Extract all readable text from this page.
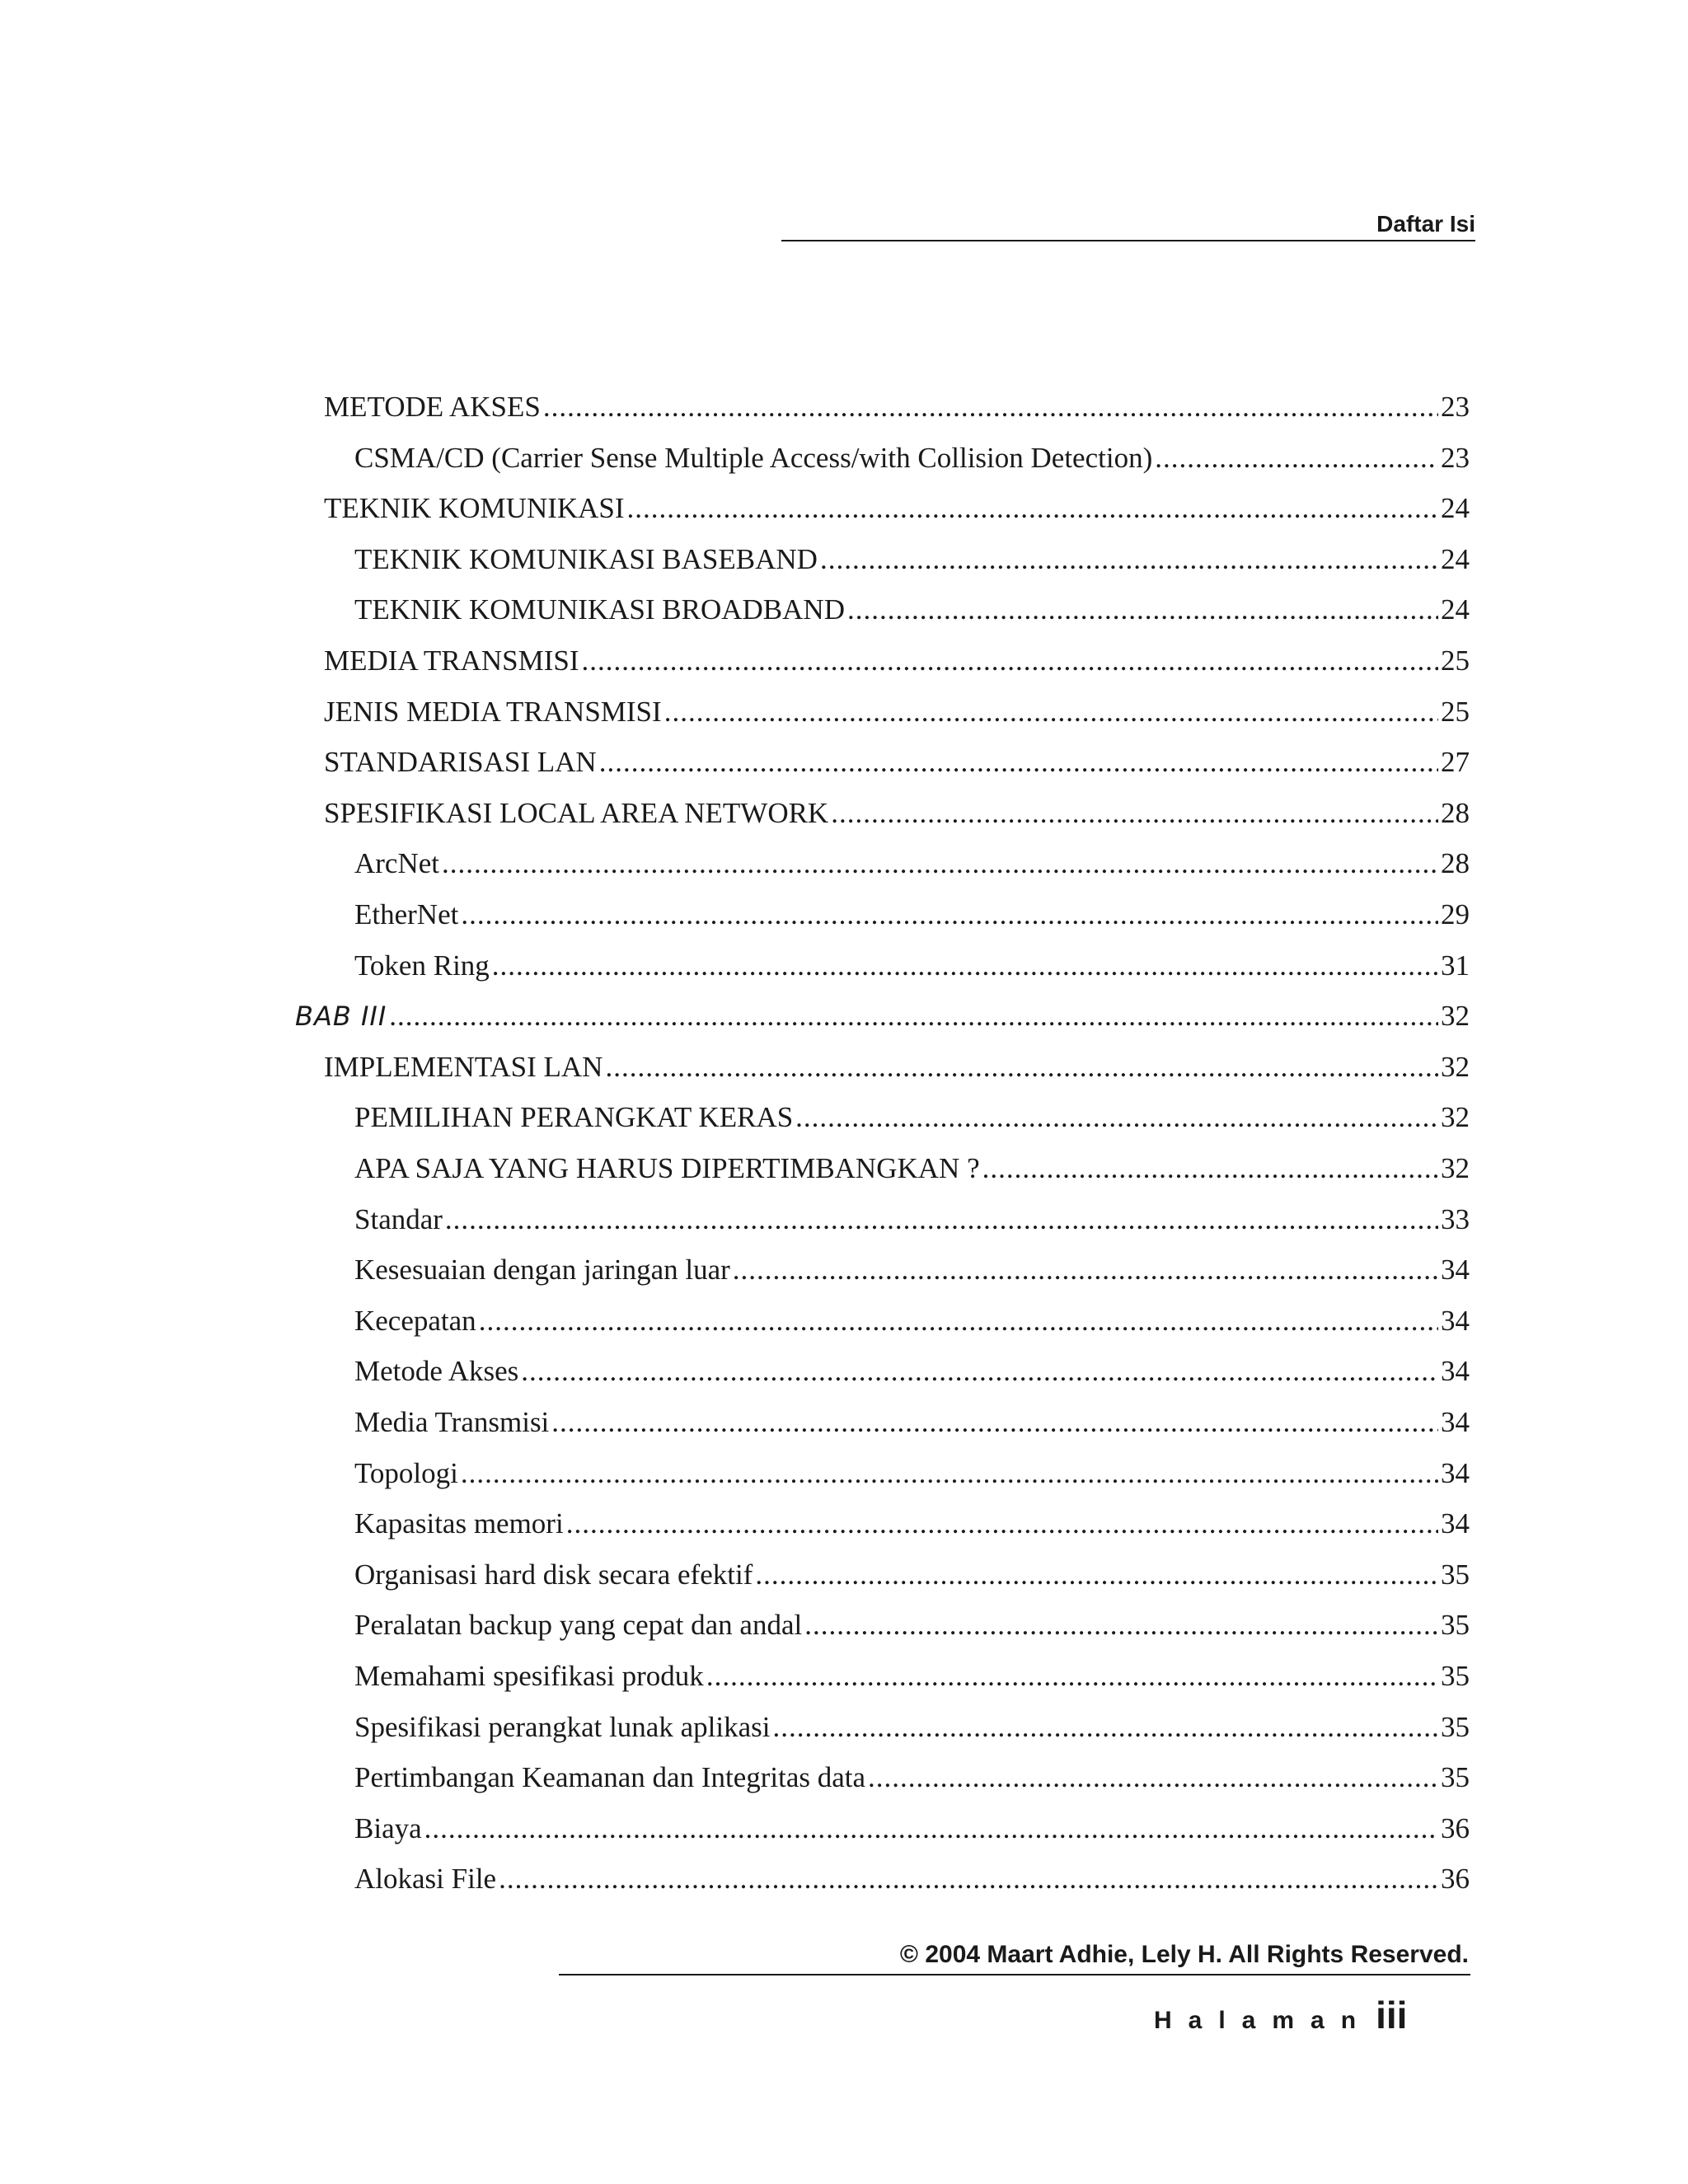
Daftar Isi
METODE AKSES .....	23
CSMA/CD (Carrier Sense Multiple Access/with Collision Detection) .....	23
TEKNIK KOMUNIKASI .....	24
TEKNIK KOMUNIKASI BASEBAND .....	24
TEKNIK KOMUNIKASI BROADBAND .....	24
MEDIA TRANSMISI .....	25
JENIS MEDIA TRANSMISI .....	25
STANDARISASI LAN .....	27
SPESIFIKASI LOCAL AREA NETWORK .....	28
ArcNet .....	28
EtherNet .....	29
Token Ring .....	31
BAB III .....	32
IMPLEMENTASI LAN .....	32
PEMILIHAN PERANGKAT KERAS .....	32
APA SAJA YANG HARUS DIPERTIMBANGKAN ? .....	32
Standar .....	33
Kesesuaian dengan jaringan luar .....	34
Kecepatan .....	34
Metode Akses .....	34
Media Transmisi .....	34
Topologi .....	34
Kapasitas memori .....	34
Organisasi hard disk secara efektif .....	35
Peralatan backup yang cepat dan andal .....	35
Memahami spesifikasi produk .....	35
Spesifikasi perangkat lunak aplikasi .....	35
Pertimbangan Keamanan dan Integritas data .....	35
Biaya .....	36
Alokasi File .....	36
© 2004 Maart Adhie, Lely H. All Rights Reserved.
Halaman iii
